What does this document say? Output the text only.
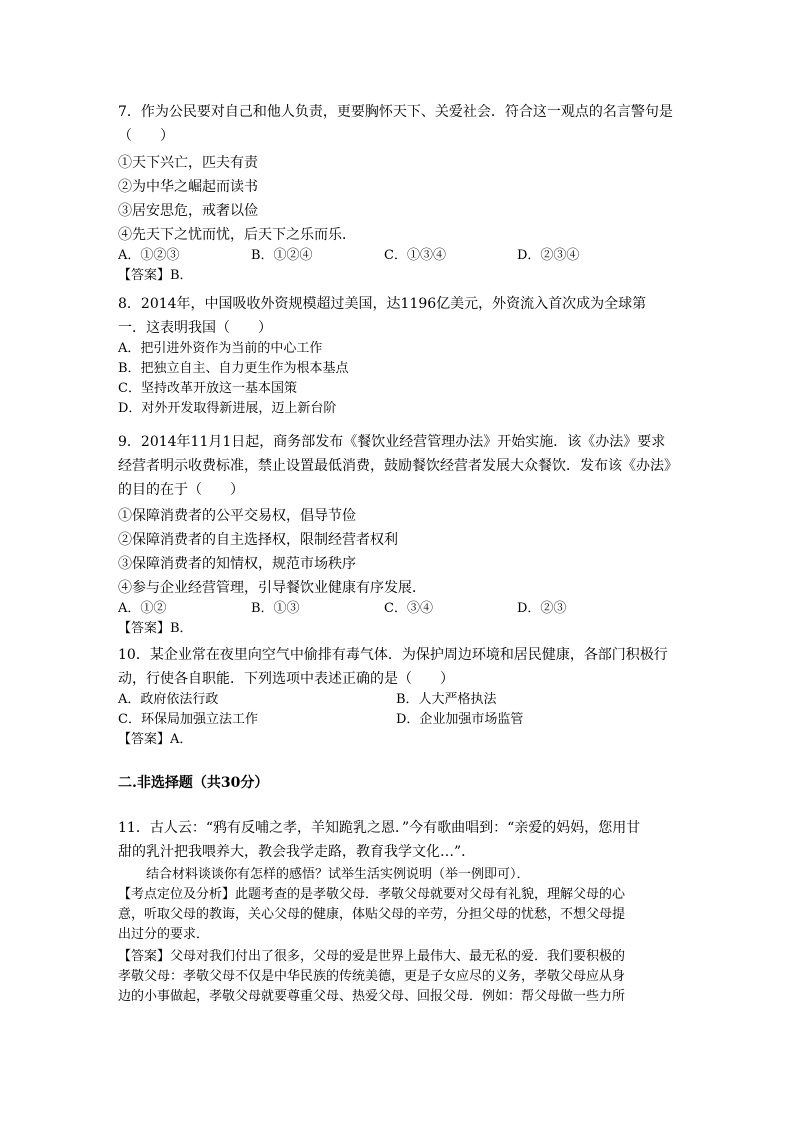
7．作为公民要对自己和他人负责，更要胸怀天下、关爱社会．符合这一观点的名言警句是
（　　）
①天下兴亡，匹夫有责
②为中华之崛起而读书
③居安思危，戒奢以俭
④先天下之忧而忧，后天下之乐而乐．
A．①②③	B．①②④	C．①③④	D．②③④
【答案】B．
8．2014年，中国吸收外资规模超过美国，达1196亿美元，外资流入首次成为全球第
一．这表明我国（　　）
A．把引进外资作为当前的中心工作
B．把独立自主、自力更生作为根本基点
C．坚持改革开放这一基本国策
D．对外开发取得新进展，迈上新台阶
9．2014年11月1日起，商务部发布《餐饮业经营管理办法》开始实施．该《办法》要求
经营者明示收费标准，禁止设置最低消费，鼓励餐饮经营者发展大众餐饮．发布该《办法》
的目的在于（　　）
①保障消费者的公平交易权，倡导节俭
②保障消费者的自主选择权，限制经营者权利
③保障消费者的知情权，规范市场秩序
④参与企业经营管理，引导餐饮业健康有序发展．
A．①②	B．①③	C．③④	D．②③
【答案】B．
10．某企业常在夜里向空气中偷排有毒气体．为保护周边环境和居民健康，各部门积极行
动，行使各自职能．下列选项中表述正确的是（　　）
A．政府依法行政	B．人大严格执法
C．环保局加强立法工作	D．企业加强市场监管
【答案】A．
二.非选择题（共30分）
11．古人云：“鸦有反哺之孝，羊知跪乳之恩．”今有歌曲唱到：“亲爱的妈妈，您用甘
甜的乳汁把我喂养大，教会我学走路，教育我学文化…”．
结合材料谈谈你有怎样的感悟？试举生活实例说明（举一例即可）．
【考点定位及分析】此题考查的是孝敬父母．孝敬父母就要对父母有礼貌，理解父母的心
意，听取父母的教诲，关心父母的健康，体贴父母的辛劳，分担父母的忧愁，不想父母提
出过分的要求．
【答案】父母对我们付出了很多，父母的爱是世界上最伟大、最无私的爱．我们要积极的
孝敬父母：孝敬父母不仅是中华民族的传统美德，更是子女应尽的义务，孝敬父母应从身
边的小事做起，孝敬父母就要尊重父母、热爱父母、回报父母．例如：帮父母做一些力所
